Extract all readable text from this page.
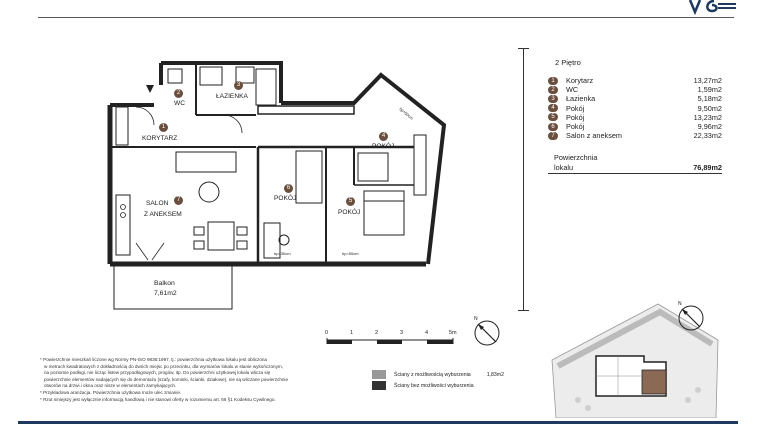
2 Piętro
1	Korytarz	13,27m2
2	WC	1,59m2
3	Łazienka	5,18m2
4	Pokój	9,50m2
5	Pokój	13,23m2
6	Pokój	9,96m2
7	Salon z aneksem	22,33m2
Powierzchnia
lokalu	76,89m2
1
KORYTARZ
2
WC
3
ŁAZIENKA
4
POKÓJ
7
SALON
Z ANEKSEM
6
POKÓJ	5
POKÓJ
Balkon
7,61m2
hp=30cm	hp=50cm
hp=50cm
0	1	2	3	4	5m
N
Ściany z możliwością wyburzenia	1,83m2
Ściany bez możliwości wyburzenia
* Powierzchnie mieszkań liczone wg Normy PN-ISO 9836:1997, tj.: powierzchnia użytkowa lokalu jest obliczona
w metrach kwadratowych z dokładnością do dwóch miejsc po przecinku, dla wymiarów lokalu w stanie wykończonym,
na poziomie podłogi, nie licząc listew przypodłogowych, progów, itp. Do powierzchni użytkowej lokalu wlicza się
powierzchnie elementów nadających się do demontażu (szafy, kominki, ścianki, działowe), nie są wliczane powierzchnie
otworów na drzwi i okna oraz nisze w elementach zamykających.
* Przykładowa aranżacja. Powierzchnia użytkowa może ulec zmianie.
* Rzut niniejszy jest wyłącznie informacją handlową i nie stanowi oferty w rozumieniu art. 66 §1 Kodeksu Cywilnego.
N
